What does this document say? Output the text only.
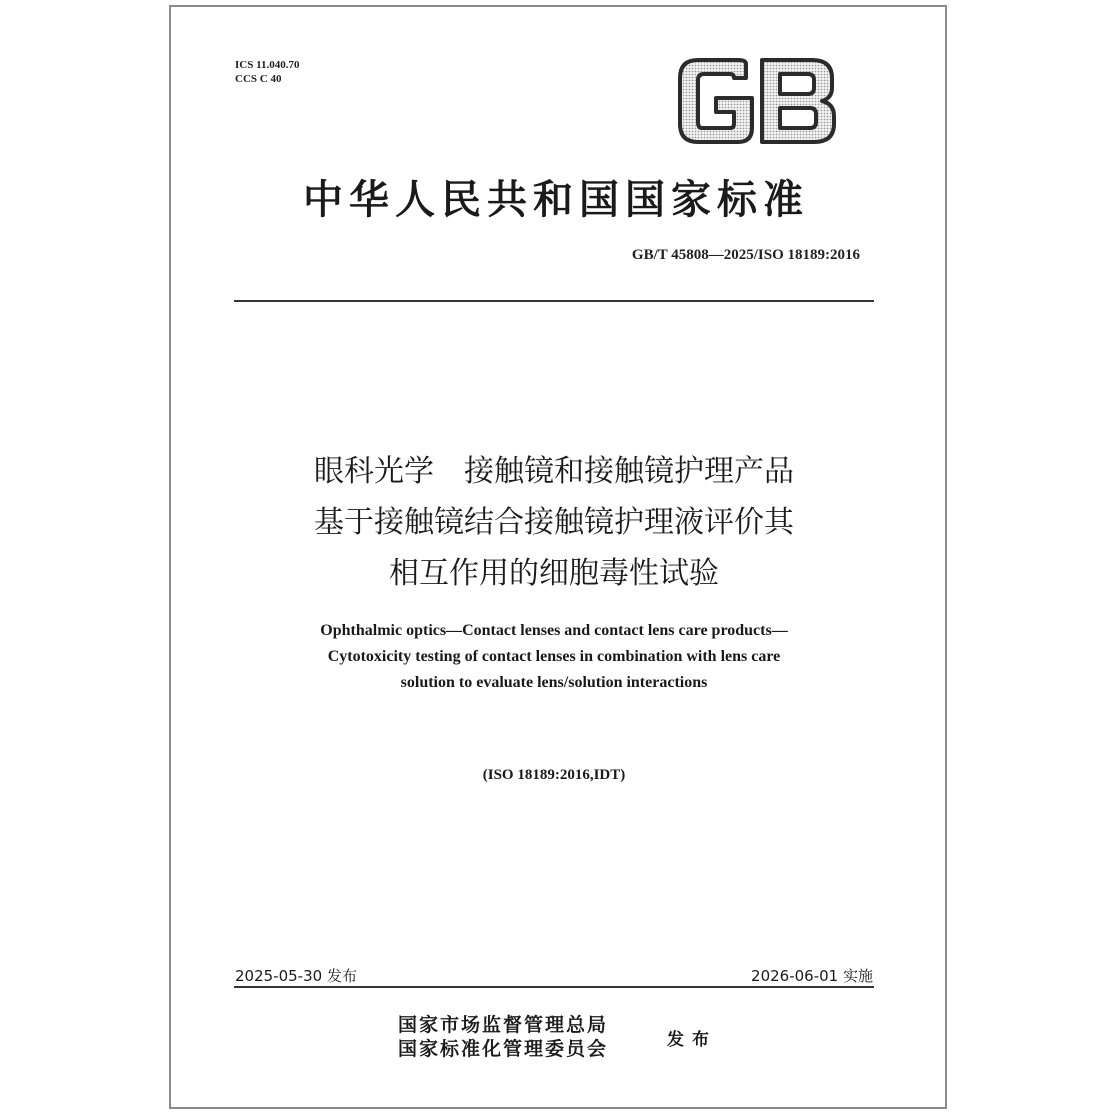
ICS 11.040.70
CCS C 40
中华人民共和国国家标准
GB/T 45808—2025/ISO 18189:2016
眼科光学　接触镜和接触镜护理产品
基于接触镜结合接触镜护理液评价其
相互作用的细胞毒性试验
Ophthalmic optics—Contact lenses and contact lens care products—
Cytotoxicity testing of contact lenses in combination with lens care
solution to evaluate lens/solution interactions
(ISO 18189:2016,IDT)
2025-05-30 发布	2026-06-01 实施
国家市场监督管理总局
国家标准化管理委员会	发布
